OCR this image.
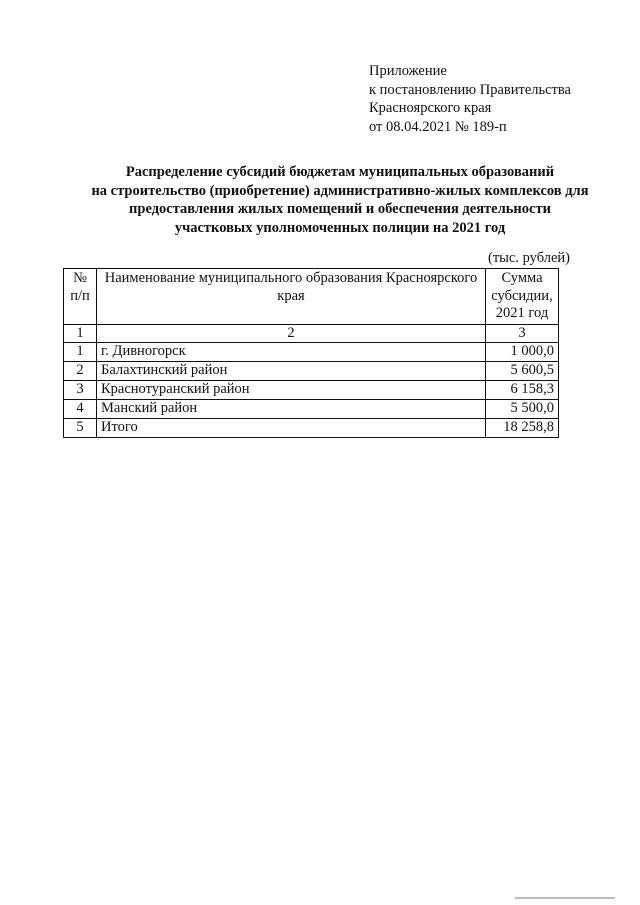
Приложение
к постановлению Правительства
Красноярского края
от 08.04.2021 № 189-п
Распределение субсидий бюджетам муниципальных образований
на строительство (приобретение) административно-жилых комплексов для
предоставления жилых помещений и обеспечения деятельности
участковых уполномоченных полиции на 2021 год
(тыс. рублей)
№ п/п	Наименование муниципального образования Красноярского края	Сумма субсидии, 2021 год
1	2	3
1	г. Дивногорск	1 000,0
2	Балахтинский район	5 600,5
3	Краснотуранский район	6 158,3
4	Манский район	5 500,0
5	Итого	18 258,8
